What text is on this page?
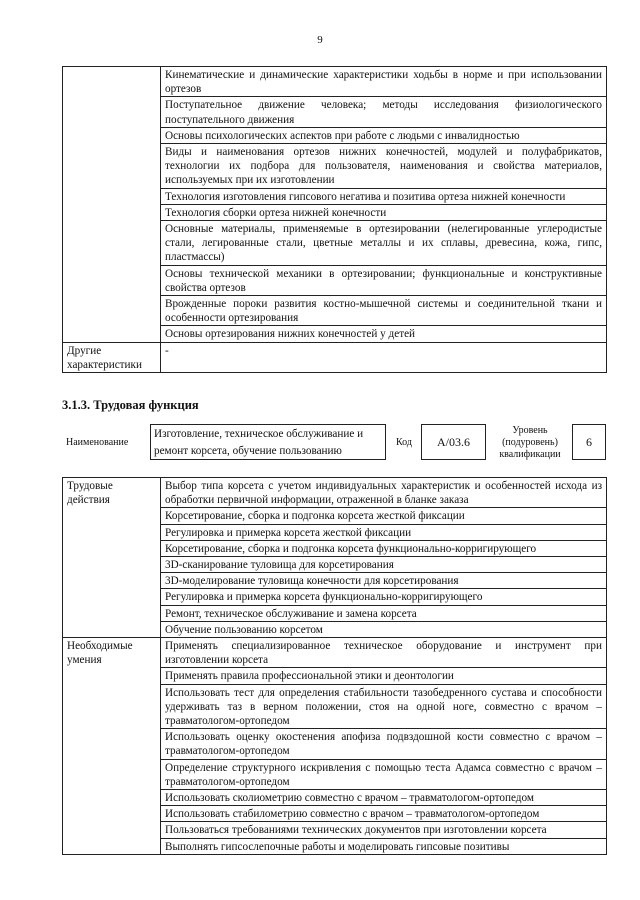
9
	Кинематические и динамические характеристики ходьбы в норме и при использовании ортезов
	Поступательное движение человека; методы исследования физиологического поступательного движения
	Основы психологических аспектов при работе с людьми с инвалидностью
	Виды и наименования ортезов нижних конечностей, модулей и полуфабрикатов, технологии их подбора для пользователя, наименования и свойства материалов, используемых при их изготовлении
	Технология изготовления гипсового негатива и позитива ортеза нижней конечности
	Технология сборки ортеза нижней конечности
	Основные материалы, применяемые в ортезировании (нелегированные углеродистые стали, легированные стали, цветные металлы и их сплавы, древесина, кожа, гипс, пластмассы)
	Основы технической механики в ортезировании; функциональные и конструктивные свойства ортезов
	Врожденные пороки развития костно-мышечной системы и соединительной ткани и особенности ортезирования
	Основы ортезирования нижних конечностей у детей
Другие характеристики	-
3.1.3. Трудовая функция
Наименование
Изготовление, техническое обслуживание и ремонт корсета, обучение пользованию
Код	А/03.6
Уровень (подуровень) квалификации
6
Трудовые действия	Выбор типа корсета с учетом индивидуальных характеристик и особенностей исхода из обработки первичной информации, отраженной в бланке заказа
	Корсетирование, сборка и подгонка корсета жесткой фиксации
	Регулировка и примерка корсета жесткой фиксации
	Корсетирование, сборка и подгонка корсета функционально-корригирующего
	3D-сканирование туловища для корсетирования
	3D-моделирование туловища конечности для корсетирования
	Регулировка и примерка корсета функционально-корригирующего
	Ремонт, техническое обслуживание и замена корсета
	Обучение пользованию корсетом
Необходимые умения	Применять специализированное техническое оборудование и инструмент при изготовлении корсета
	Применять правила профессиональной этики и деонтологии
	Использовать тест для определения стабильности тазобедренного сустава и способности удерживать таз в верном положении, стоя на одной ноге, совместно с врачом – травматологом-ортопедом
	Использовать оценку окостенения апофиза подвздошной кости совместно с врачом – травматологом-ортопедом
	Определение структурного искривления с помощью теста Адамса совместно с врачом – травматологом-ортопедом
	Использовать сколиометрию совместно с врачом – травматологом-ортопедом
	Использовать стабилометрию совместно с врачом – травматологом-ортопедом
	Пользоваться требованиями технических документов при изготовлении корсета
	Выполнять гипсослепочные работы и моделировать гипсовые позитивы
